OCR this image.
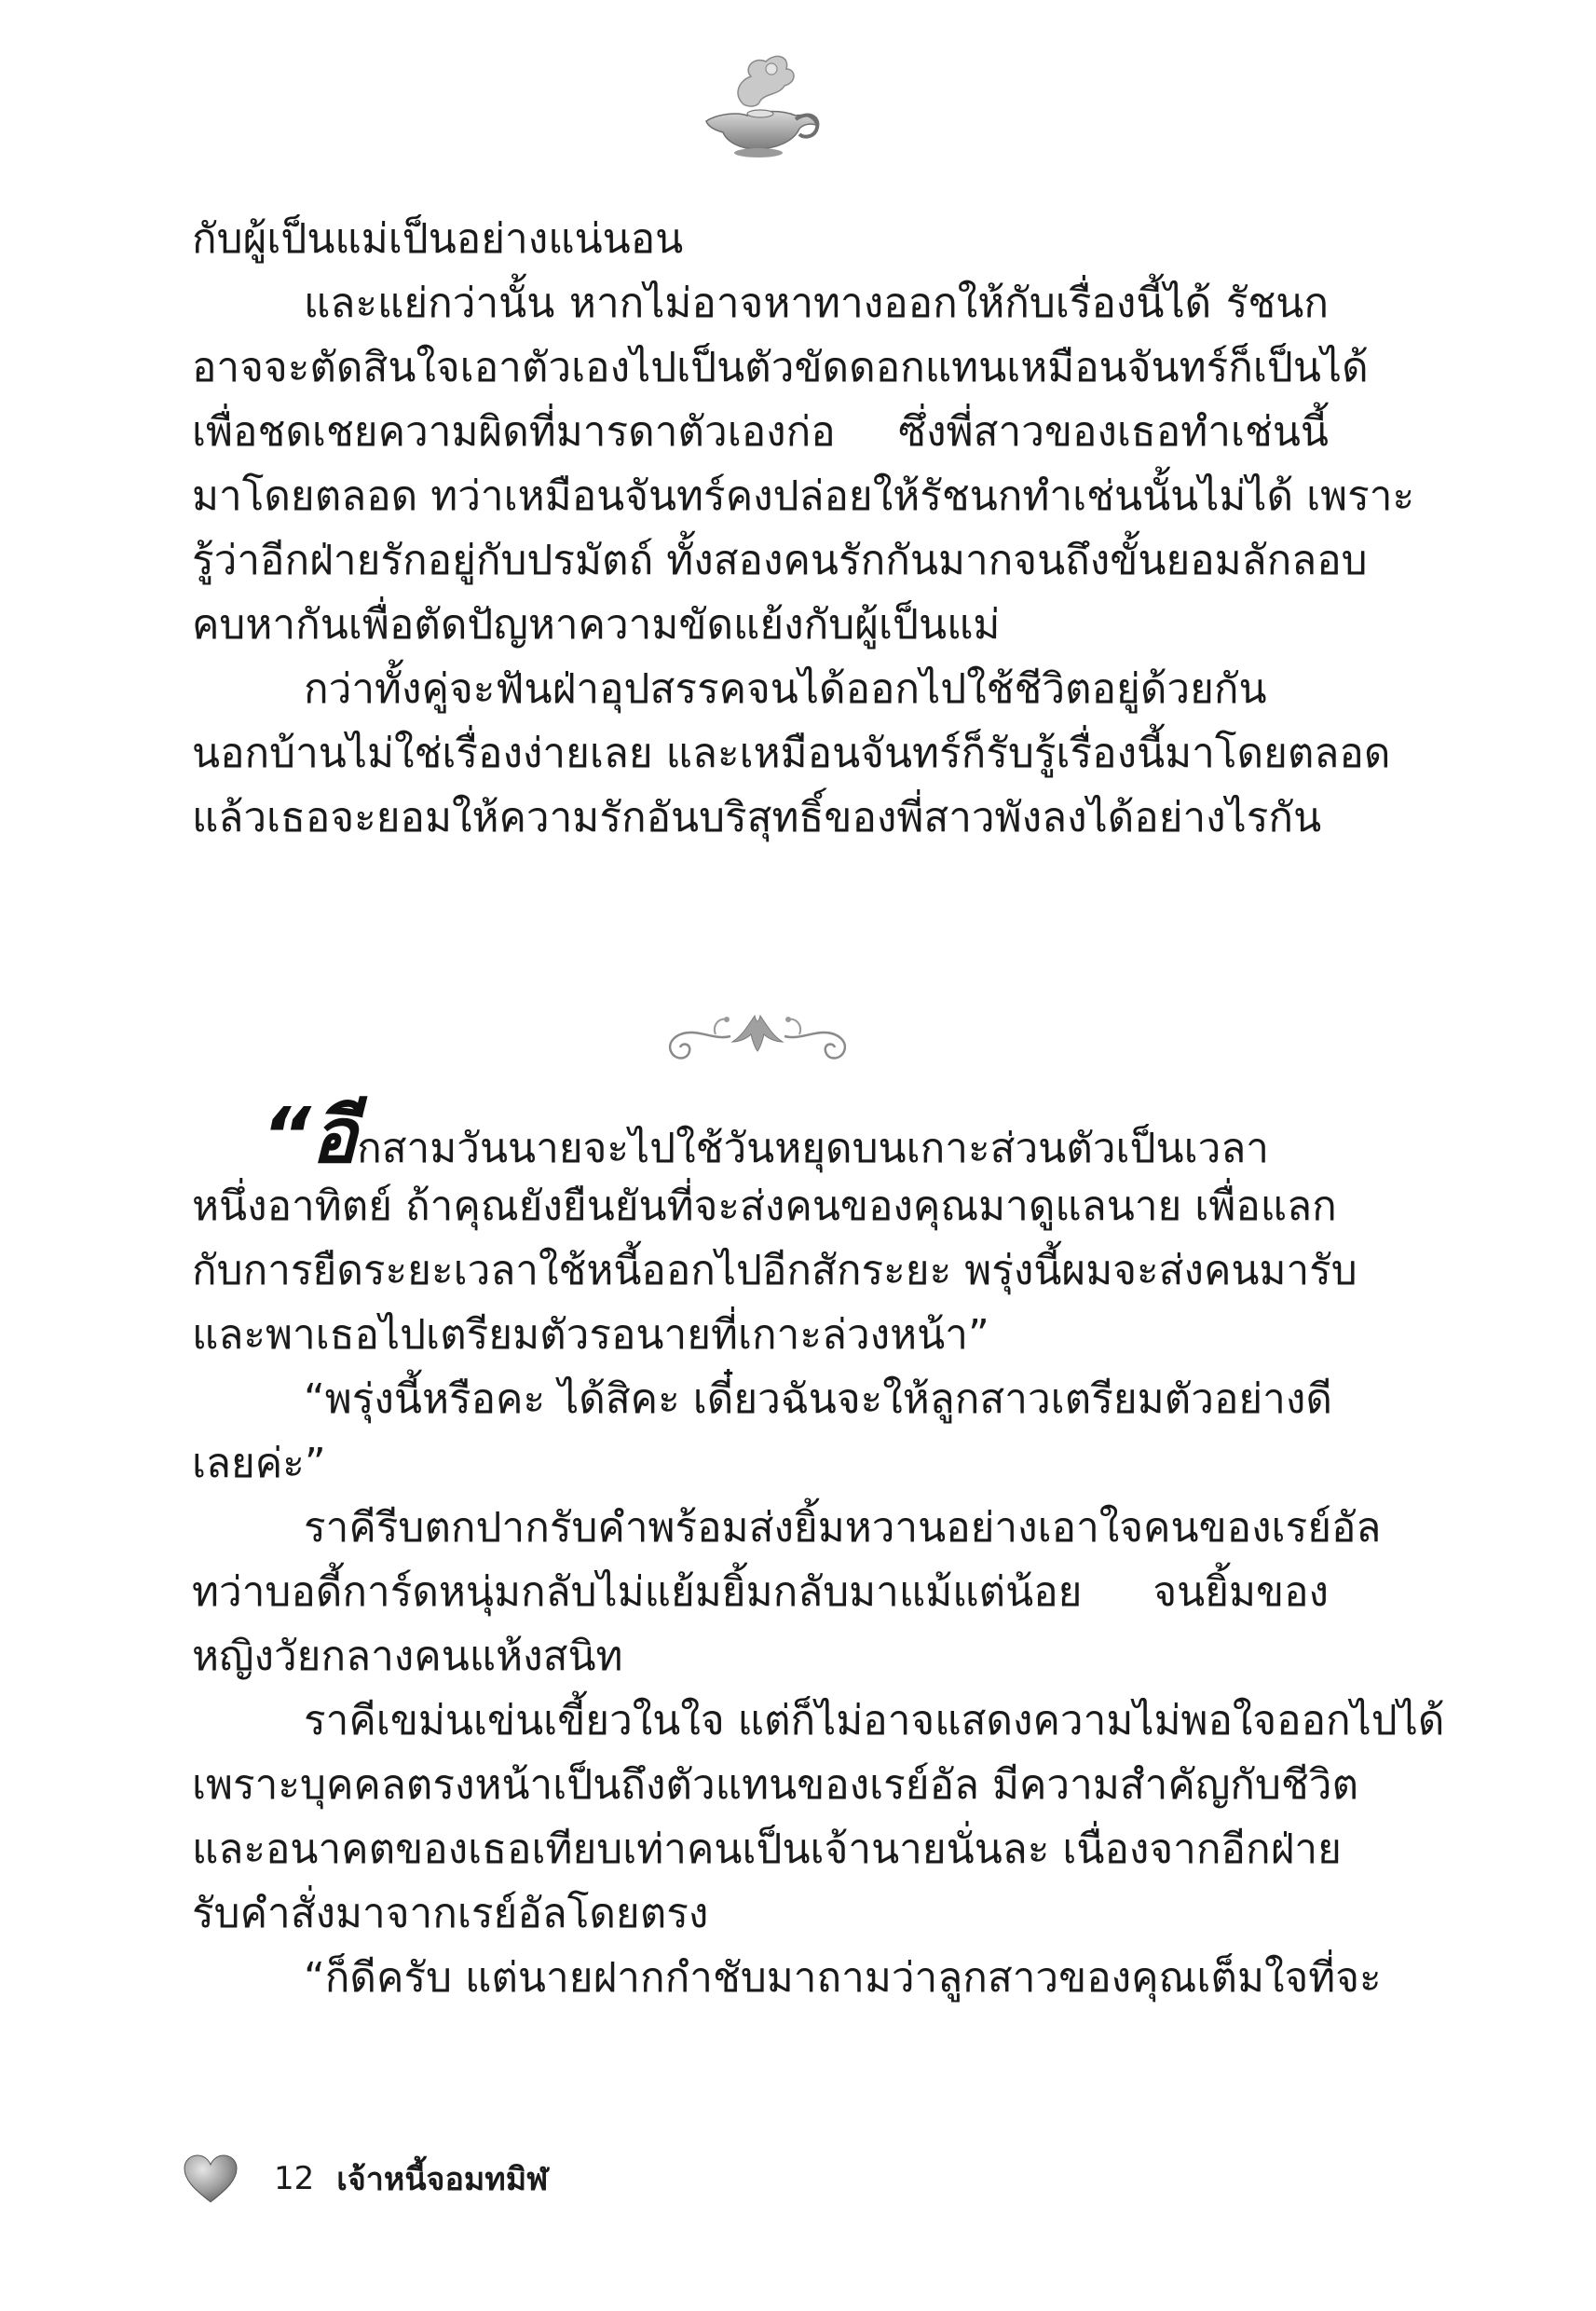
กับผู้เป็นแม่เป็นอย่างแน่นอน
และแย่กว่านั้น หากไม่อาจหาทางออกให้กับเรื่องนี้ได้ รัชนก
อาจจะตัดสินใจเอาตัวเองไปเป็นตัวขัดดอกแทนเหมือนจันทร์ก็เป็นได้
เพื่อชดเชยความผิดที่มารดาตัวเองก่อ ซึ่งพี่สาวของเธอทำเช่นนี้
มาโดยตลอด ทว่าเหมือนจันทร์คงปล่อยให้รัชนกทำเช่นนั้นไม่ได้ เพราะ
รู้ว่าอีกฝ่ายรักอยู่กับปรมัตถ์ ทั้งสองคนรักกันมากจนถึงขั้นยอมลักลอบ
คบหากันเพื่อตัดปัญหาความขัดแย้งกับผู้เป็นแม่
กว่าทั้งคู่จะฟันฝ่าอุปสรรคจนได้ออกไปใช้ชีวิตอยู่ด้วยกัน
นอกบ้านไม่ใช่เรื่องง่ายเลย และเหมือนจันทร์ก็รับรู้เรื่องนี้มาโดยตลอด
แล้วเธอจะยอมให้ความรักอันบริสุทธิ์ของพี่สาวพังลงได้อย่างไรกัน
“อีกสามวันนายจะไปใช้วันหยุดบนเกาะส่วนตัวเป็นเวลา
หนึ่งอาทิตย์ ถ้าคุณยังยืนยันที่จะส่งคนของคุณมาดูแลนาย เพื่อแลก
กับการยืดระยะเวลาใช้หนี้ออกไปอีกสักระยะ พรุ่งนี้ผมจะส่งคนมารับ
และพาเธอไปเตรียมตัวรอนายที่เกาะล่วงหน้า”
“พรุ่งนี้หรือคะ ได้สิคะ เดี๋ยวฉันจะให้ลูกสาวเตรียมตัวอย่างดี
เลยค่ะ”
ราคีรีบตกปากรับคำพร้อมส่งยิ้มหวานอย่างเอาใจคนของเรย์อัล
ทว่าบอดี้การ์ดหนุ่มกลับไม่แย้มยิ้มกลับมาแม้แต่น้อย จนยิ้มของ
หญิงวัยกลางคนแห้งสนิท
ราคีเขม่นเข่นเขี้ยวในใจ แต่ก็ไม่อาจแสดงความไม่พอใจออกไปได้
เพราะบุคคลตรงหน้าเป็นถึงตัวแทนของเรย์อัล มีความสำคัญกับชีวิต
และอนาคตของเธอเทียบเท่าคนเป็นเจ้านายนั่นละ เนื่องจากอีกฝ่าย
รับคำสั่งมาจากเรย์อัลโดยตรง
“ก็ดีครับ แต่นายฝากกำชับมาถามว่าลูกสาวของคุณเต็มใจที่จะ
12 เจ้าหนี้จอมทมิฬ
